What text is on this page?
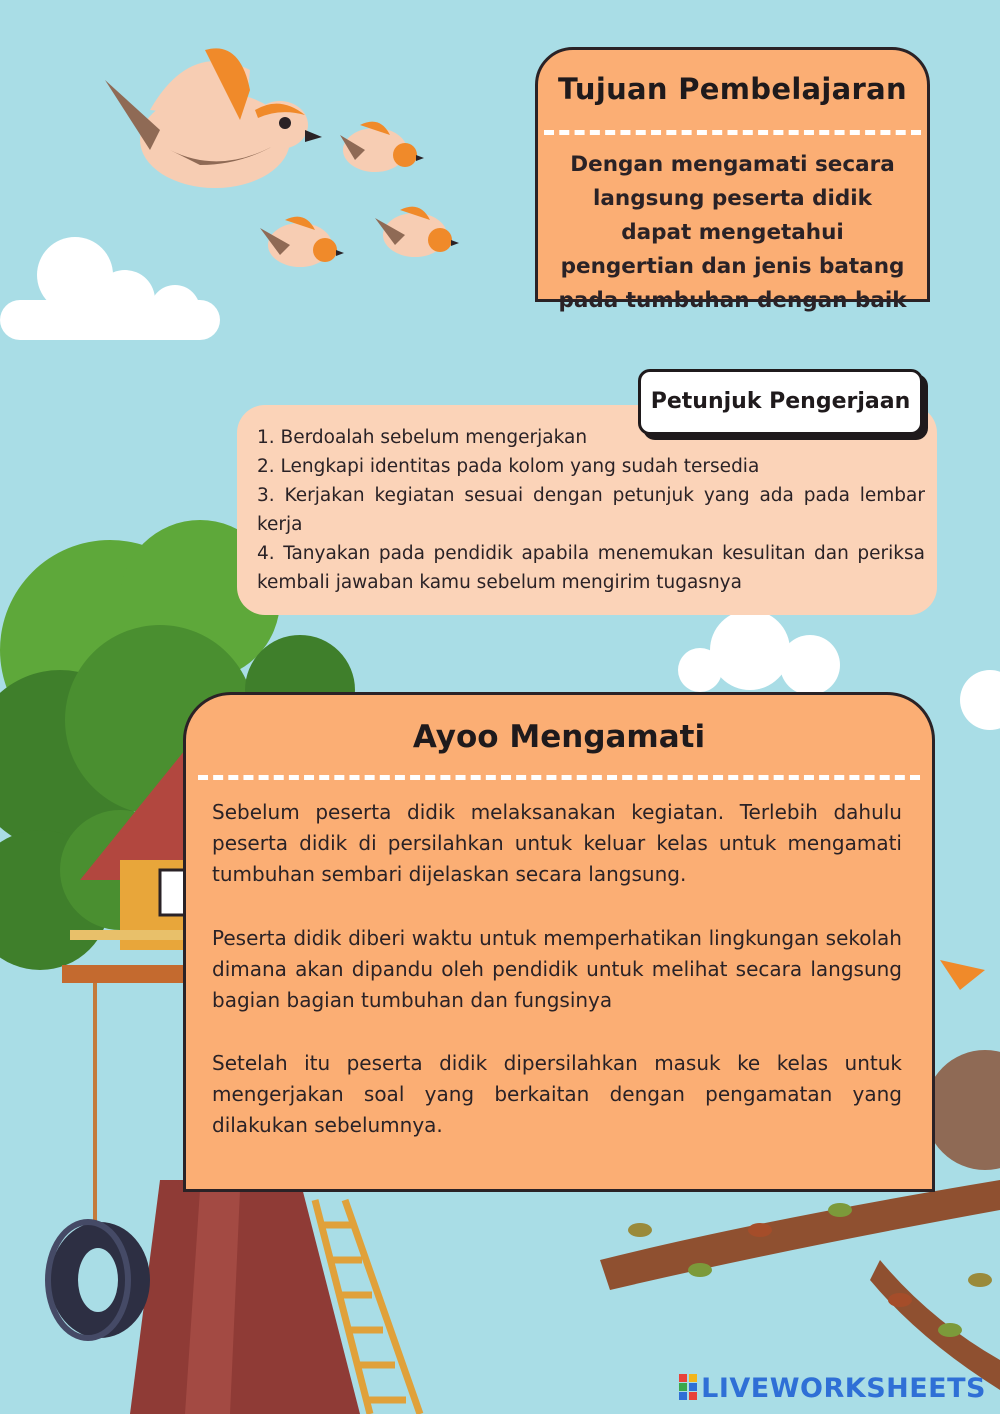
Tujuan Pembelajaran
Dengan mengamati secara langsung peserta didik dapat mengetahui pengertian dan jenis batang pada tumbuhan dengan baik
1. Berdoalah sebelum mengerjakan
2. Lengkapi identitas pada kolom yang sudah tersedia
3. Kerjakan kegiatan sesuai dengan petunjuk yang ada pada lembar kerja
4. Tanyakan pada pendidik apabila menemukan kesulitan dan periksa kembali jawaban kamu sebelum mengirim tugasnya
Petunjuk Pengerjaan
Ayoo Mengamati
Sebelum peserta didik melaksanakan kegiatan. Terlebih dahulu peserta didik di persilahkan untuk keluar kelas untuk mengamati tumbuhan sembari dijelaskan secara langsung.
Peserta didik diberi waktu untuk memperhatikan lingkungan sekolah dimana akan dipandu oleh pendidik untuk melihat secara langsung bagian bagian tumbuhan dan fungsinya
Setelah itu peserta didik dipersilahkan masuk ke kelas untuk mengerjakan soal yang berkaitan dengan pengamatan yang dilakukan sebelumnya.
LIVEWORKSHEETS
